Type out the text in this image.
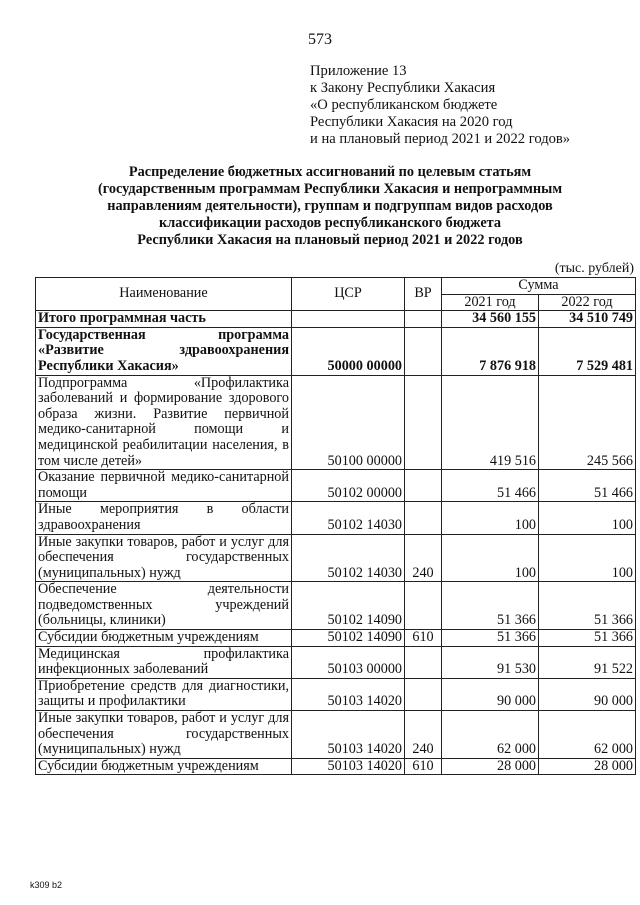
573
Приложение 13
к Закону Республики Хакасия
«О республиканском бюджете
Республики Хакасия на 2020 год
и на плановый период 2021 и 2022 годов»
Распределение бюджетных ассигнований по целевым статьям
(государственным программам Республики Хакасия и непрограммным
направлениям деятельности), группам и подгруппам видов расходов
классификации расходов республиканского бюджета
Республики Хакасия на плановый период 2021 и 2022 годов
(тыс. рублей)
Наименование	ЦСР	ВР	Сумма	
			2021 год	2022 год
Итого программная часть			34 560 155	34 510 749
Государственная программа «Развитие здравоохранения Республики Хакасия»	50000 00000		7 876 918	7 529 481
Подпрограмма «Профилактика заболеваний и формирование здорового образа жизни. Развитие первичной медико-санитарной помощи и медицинской реабилитации населения, в том числе детей»	50100 00000		419 516	245 566
Оказание первичной медико-санитарной помощи	50102 00000		51 466	51 466
Иные мероприятия в области здравоохранения	50102 14030		100	100
Иные закупки товаров, работ и услуг для обеспечения государственных (муниципальных) нужд	50102 14030	240	100	100
Обеспечение деятельности подведомственных учреждений (больницы, клиники)	50102 14090		51 366	51 366
Субсидии бюджетным учреждениям	50102 14090	610	51 366	51 366
Медицинская профилактика инфекционных заболеваний	50103 00000		91 530	91 522
Приобретение средств для диагностики, защиты и профилактики	50103 14020		90 000	90 000
Иные закупки товаров, работ и услуг для обеспечения государственных (муниципальных) нужд	50103 14020	240	62 000	62 000
Субсидии бюджетным учреждениям	50103 14020	610	28 000	28 000
k309 b2
